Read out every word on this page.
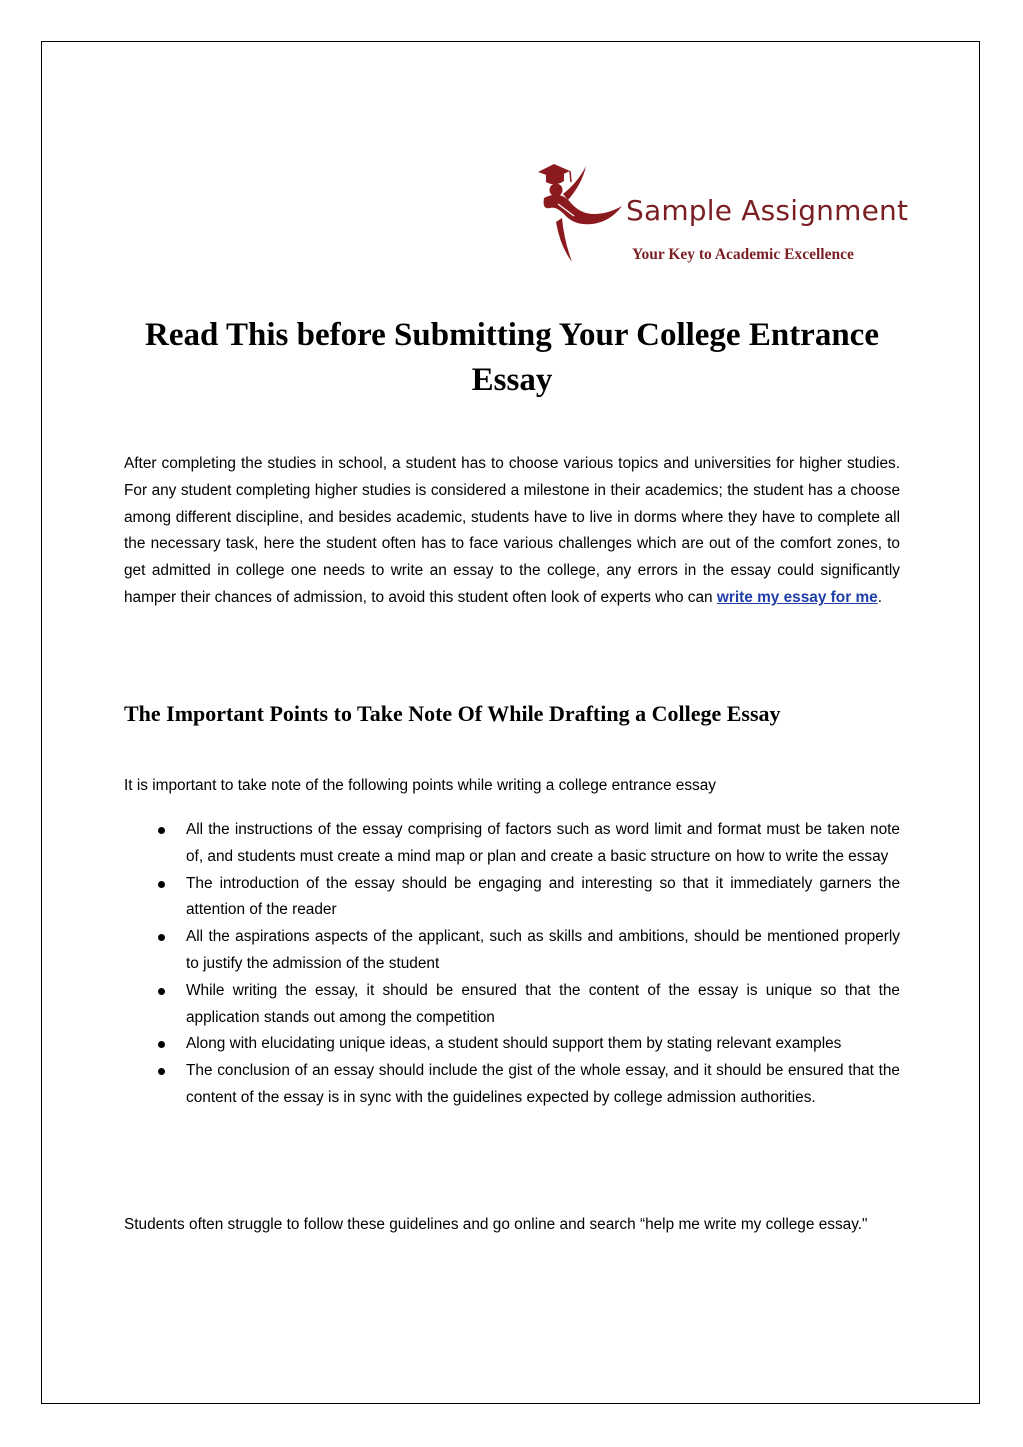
Sample Assignment
Your Key to Academic Excellence
Read This before Submitting Your College Entrance Essay

After completing the studies in school, a student has to choose various topics and universities for higher studies. For any student completing higher studies is considered a milestone in their academics; the student has a choose among different discipline, and besides academic, students have to live in dorms where they have to complete all the necessary task, here the student often has to face various challenges which are out of the comfort zones, to get admitted in college one needs to write an essay to the college, any errors in the essay could significantly hamper their chances of admission, to avoid this student often look of experts who can write my essay for me.

The Important Points to Take Note Of While Drafting a College Essay

It is important to take note of the following points while writing a college entrance essay

All the instructions of the essay comprising of factors such as word limit and format must be taken note of, and students must create a mind map or plan and create a basic structure on how to write the essay
The introduction of the essay should be engaging and interesting so that it immediately garners the attention of the reader
All the aspirations aspects of the applicant, such as skills and ambitions, should be mentioned properly to justify the admission of the student
While writing the essay, it should be ensured that the content of the essay is unique so that the application stands out among the competition
Along with elucidating unique ideas, a student should support them by stating relevant examples
The conclusion of an essay should include the gist of the whole essay, and it should be ensured that the content of the essay is in sync with the guidelines expected by college admission authorities.

Students often struggle to follow these guidelines and go online and search “help me write my college essay."
